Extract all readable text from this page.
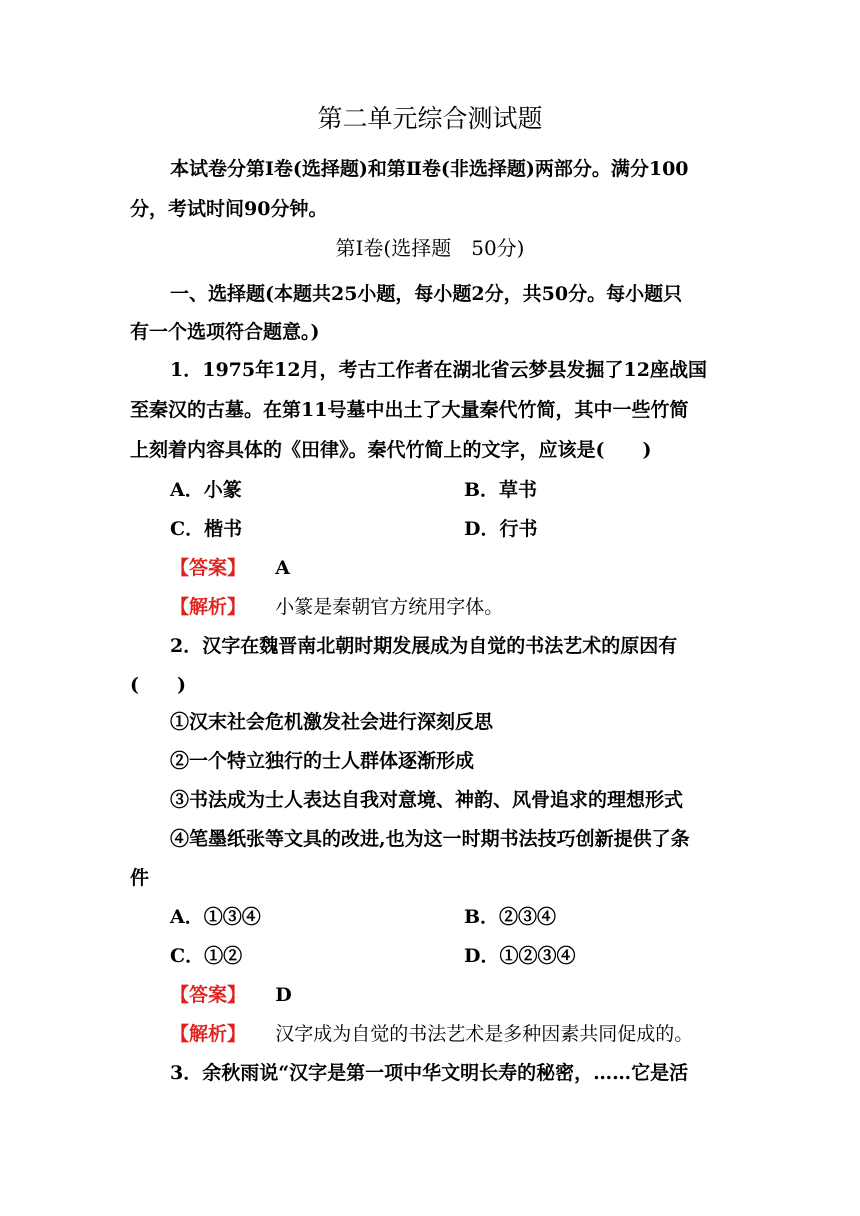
第二单元综合测试题
本试卷分第Ⅰ卷(选择题)和第Ⅱ卷(非选择题)两部分。满分100
分，考试时间90分钟。
第Ⅰ卷(选择题　50分)
一、选择题(本题共25小题，每小题2分，共50分。每小题只
有一个选项符合题意。)
1．1975年12月，考古工作者在湖北省云梦县发掘了12座战国
至秦汉的古墓。在第11号墓中出土了大量秦代竹简，其中一些竹简
上刻着内容具体的《田律》。秦代竹简上的文字，应该是(　　)
A．小篆	B．草书
C．楷书	D．行书
【答案】 A
【解析】 小篆是秦朝官方统用字体。
2．汉字在魏晋南北朝时期发展成为自觉的书法艺术的原因有
(　　)
①汉末社会危机激发社会进行深刻反思
②一个特立独行的士人群体逐渐形成
③书法成为士人表达自我对意境、神韵、风骨追求的理想形式
④笔墨纸张等文具的改进,也为这一时期书法技巧创新提供了条
件
A．①③④	B．②③④
C．①②	D．①②③④
【答案】 D
【解析】 汉字成为自觉的书法艺术是多种因素共同促成的。
3．余秋雨说“汉字是第一项中华文明长寿的秘密，……它是活
